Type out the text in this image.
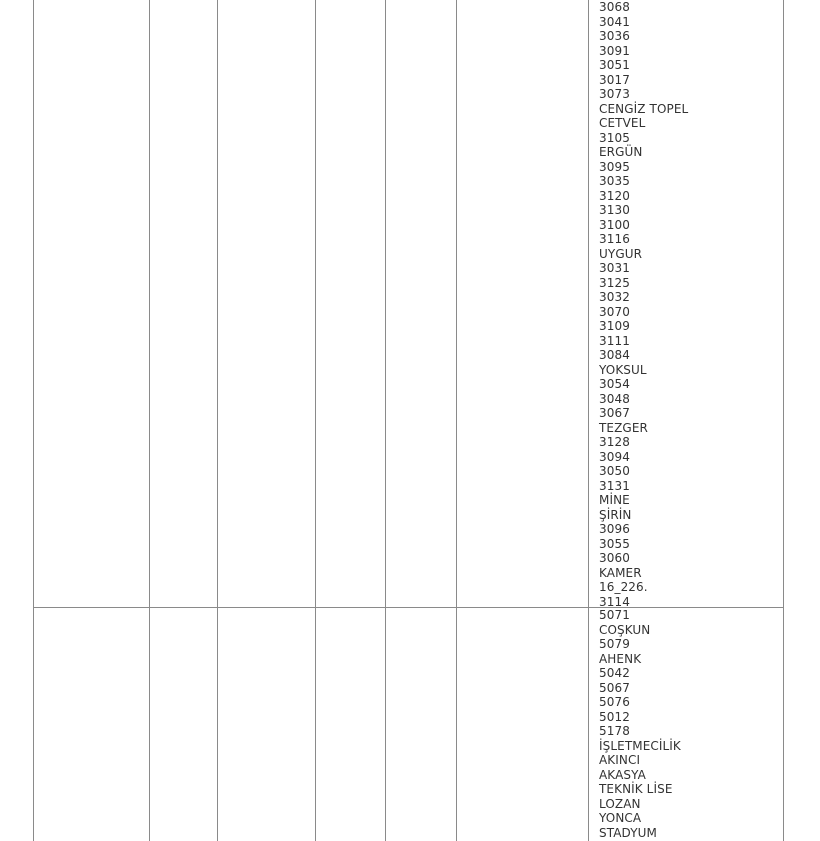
3068
3041
3036
3091
3051
3017
3073
CENGİZ TOPEL
CETVEL
3105
ERGÜN
3095
3035
3120
3130
3100
3116
UYGUR
3031
3125
3032
3070
3109
3111
3084
YOKSUL
3054
3048
3067
TEZGER
3128
3094
3050
3131
MİNE
ŞİRİN
3096
3055
3060
KAMER
16_226.
3114
5071
COŞKUN
5079
AHENK
5042
5067
5076
5012
5178
İŞLETMECİLİK
AKINCI
AKASYA
TEKNİK LİSE
LOZAN
YONCA
STADYUM
